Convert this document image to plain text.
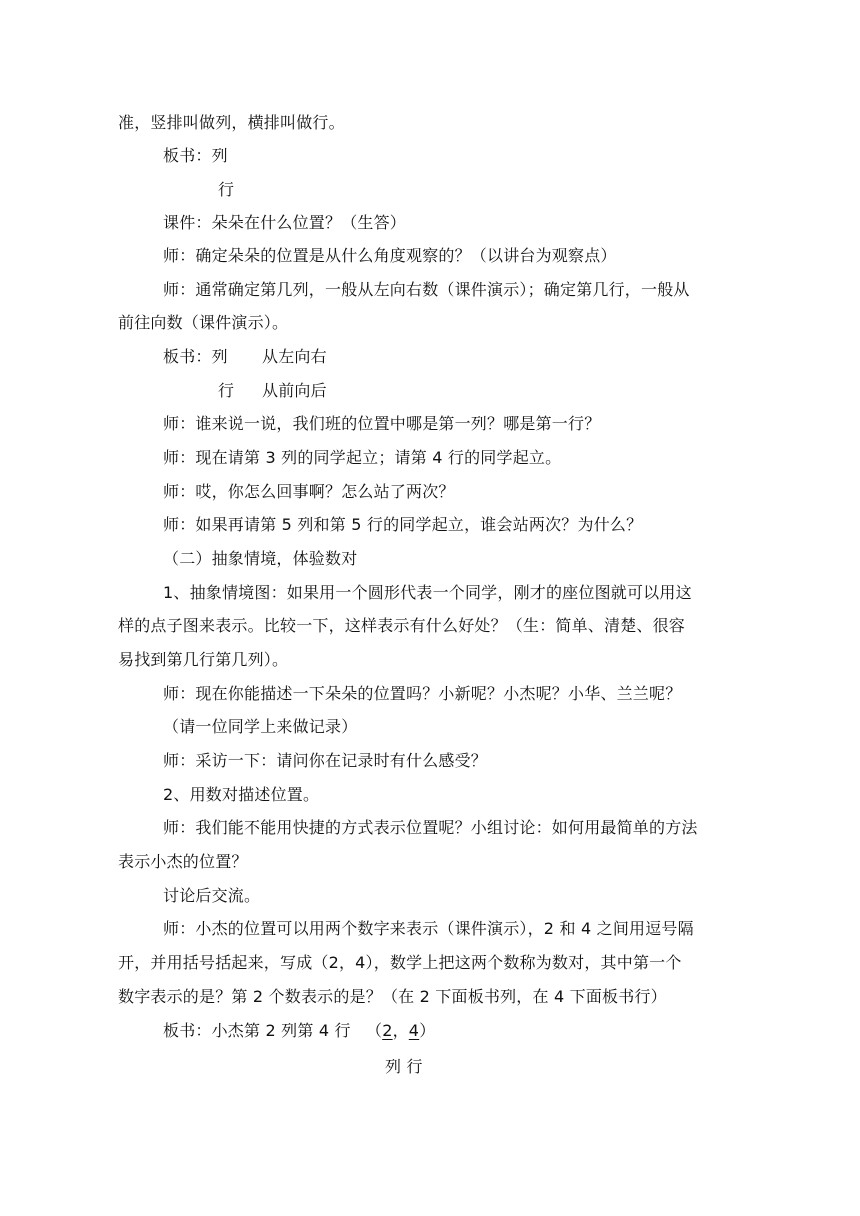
准，竖排叫做列，横排叫做行。
板书：列
行
课件：朵朵在什么位置？（生答）
师：确定朵朵的位置是从什么角度观察的？（以讲台为观察点）
师：通常确定第几列，一般从左向右数（课件演示）；确定第几行，一般从
前往向数（课件演示）。
板书：列 从左向右
行 从前向后
师：谁来说一说，我们班的位置中哪是第一列？哪是第一行？
师：现在请第 3 列的同学起立；请第 4 行的同学起立。
师：哎，你怎么回事啊？怎么站了两次？
师：如果再请第 5 列和第 5 行的同学起立，谁会站两次？为什么？
（二）抽象情境，体验数对
1、抽象情境图：如果用一个圆形代表一个同学，刚才的座位图就可以用这
样的点子图来表示。比较一下，这样表示有什么好处？（生：简单、清楚、很容
易找到第几行第几列）。
师：现在你能描述一下朵朵的位置吗？小新呢？小杰呢？小华、兰兰呢？
（请一位同学上来做记录）
师：采访一下：请问你在记录时有什么感受？
2、用数对描述位置。
师：我们能不能用快捷的方式表示位置呢？小组讨论：如何用最简单的方法
表示小杰的位置？
讨论后交流。
师：小杰的位置可以用两个数字来表示（课件演示），2 和 4 之间用逗号隔
开，并用括号括起来，写成（2，4），数学上把这两个数称为数对，其中第一个
数字表示的是？第 2 个数表示的是？（在 2 下面板书列，在 4 下面板书行）
板书：小杰第 2 列第 4 行 （2，4）
列 行
